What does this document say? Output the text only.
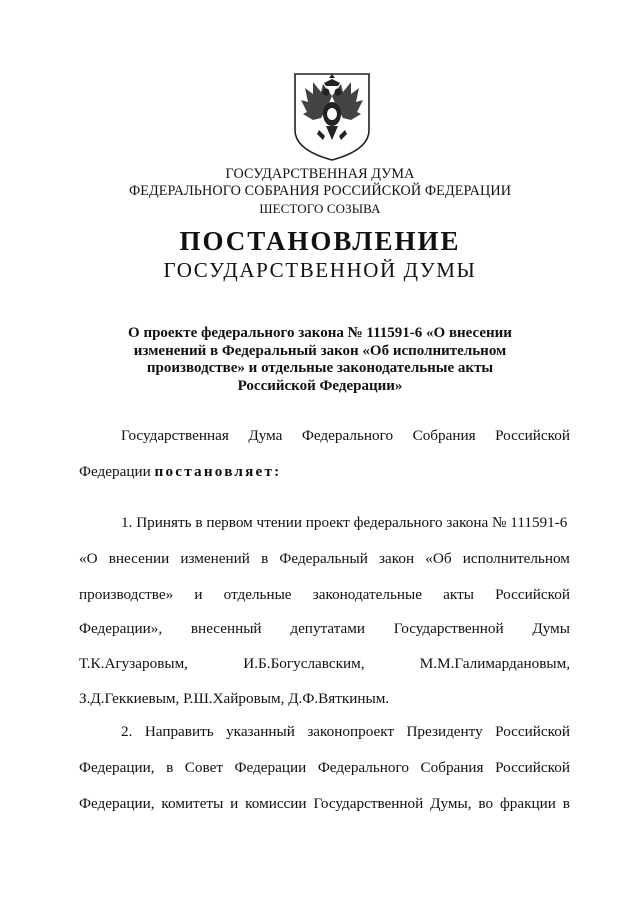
ГОСУДАРСТВЕННАЯ ДУМА
ФЕДЕРАЛЬНОГО СОБРАНИЯ РОССИЙСКОЙ ФЕДЕРАЦИИ
ШЕСТОГО СОЗЫВА
ПОСТАНОВЛЕНИЕ
ГОСУДАРСТВЕННОЙ ДУМЫ
О проекте федерального закона № 111591-6 «О внесении
изменений в Федеральный закон «Об исполнительном
производстве» и отдельные законодательные акты
Российской Федерации»
Государственная Дума Федерального Собрания Российской
Федерации постановляет:
1. Принять в первом чтении проект федерального закона № 111591-6
«О внесении изменений в Федеральный закон «Об исполнительном
производстве» и отдельные законодательные акты Российской
Федерации», внесенный депутатами Государственной Думы
Т.К.Агузаровым,	И.Б.Богуславским,	М.М.Галимардановым,
З.Д.Геккиевым, Р.Ш.Хайровым, Д.Ф.Вяткиным.
2. Направить указанный законопроект Президенту Российской
Федерации, в Совет Федерации Федерального Собрания Российской
Федерации, комитеты и комиссии Государственной Думы, во фракции в
